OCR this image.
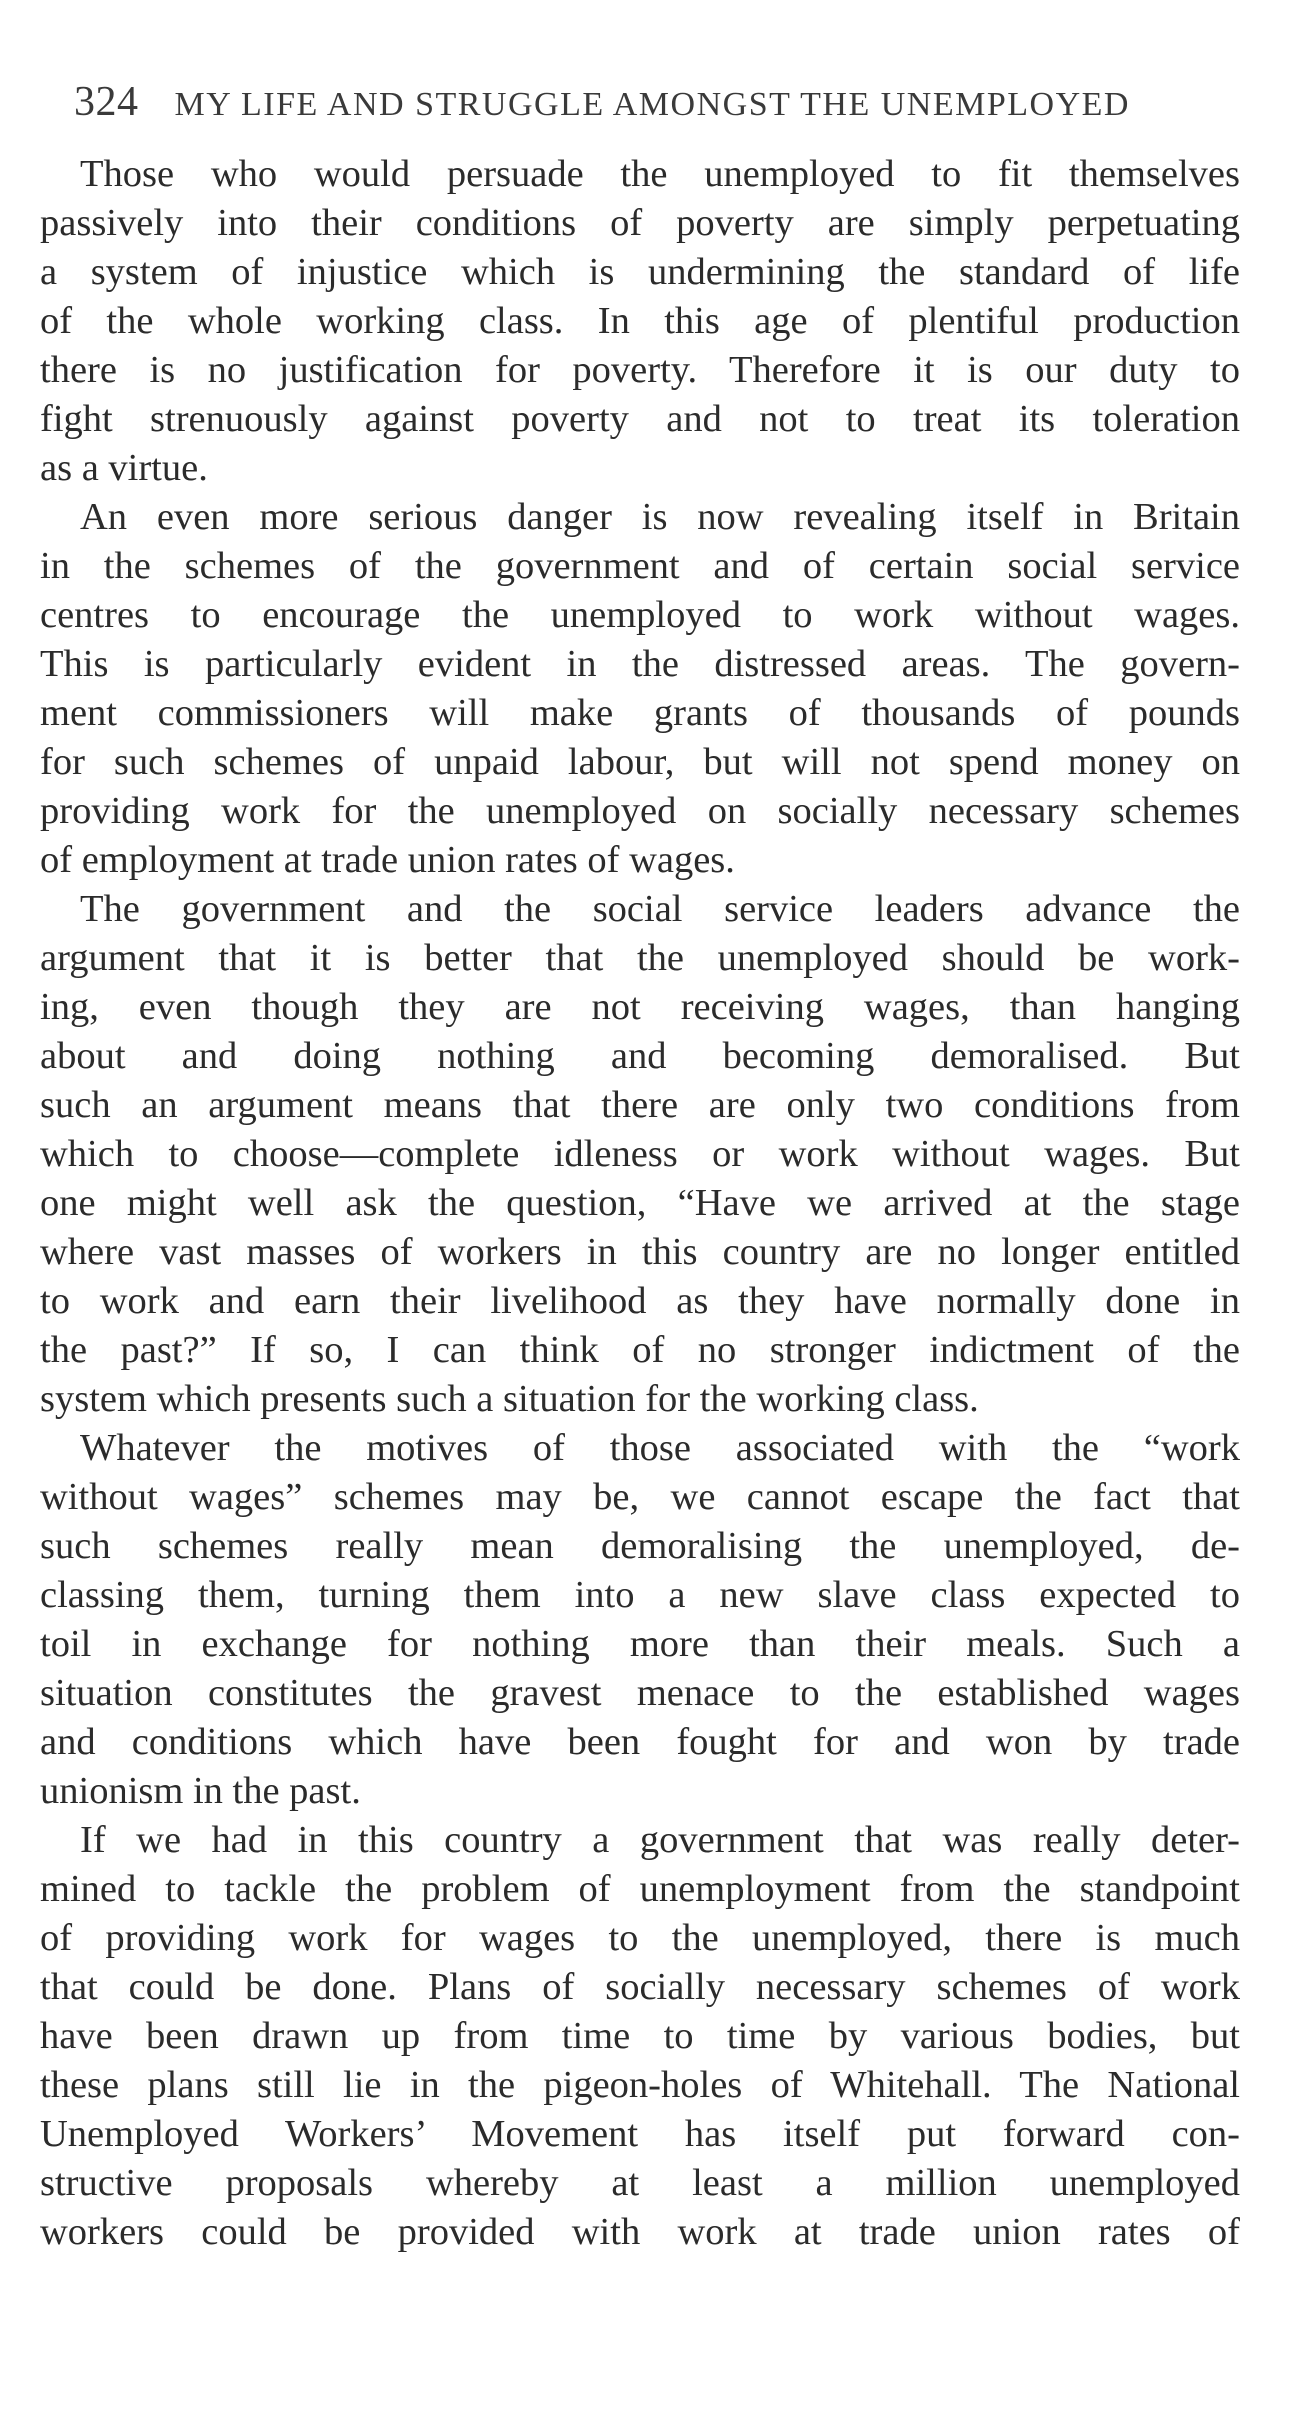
324 MY LIFE AND STRUGGLE AMONGST THE UNEMPLOYED
Those who would persuade the unemployed to fit themselves
passively into their conditions of poverty are simply perpetuating
a system of injustice which is undermining the standard of life
of the whole working class. In this age of plentiful production
there is no justification for poverty. Therefore it is our duty to
fight strenuously against poverty and not to treat its toleration
as a virtue.
An even more serious danger is now revealing itself in Britain
in the schemes of the government and of certain social service
centres to encourage the unemployed to work without wages.
This is particularly evident in the distressed areas. The govern-
ment commissioners will make grants of thousands of pounds
for such schemes of unpaid labour, but will not spend money on
providing work for the unemployed on socially necessary schemes
of employment at trade union rates of wages.
The government and the social service leaders advance the
argument that it is better that the unemployed should be work-
ing, even though they are not receiving wages, than hanging
about and doing nothing and becoming demoralised. But
such an argument means that there are only two conditions from
which to choose—complete idleness or work without wages. But
one might well ask the question, “Have we arrived at the stage
where vast masses of workers in this country are no longer entitled
to work and earn their livelihood as they have normally done in
the past?” If so, I can think of no stronger indictment of the
system which presents such a situation for the working class.
Whatever the motives of those associated with the “work
without wages” schemes may be, we cannot escape the fact that
such schemes really mean demoralising the unemployed, de-
classing them, turning them into a new slave class expected to
toil in exchange for nothing more than their meals. Such a
situation constitutes the gravest menace to the established wages
and conditions which have been fought for and won by trade
unionism in the past.
If we had in this country a government that was really deter-
mined to tackle the problem of unemployment from the standpoint
of providing work for wages to the unemployed, there is much
that could be done. Plans of socially necessary schemes of work
have been drawn up from time to time by various bodies, but
these plans still lie in the pigeon-holes of Whitehall. The National
Unemployed Workers’ Movement has itself put forward con-
structive proposals whereby at least a million unemployed
workers could be provided with work at trade union rates of
